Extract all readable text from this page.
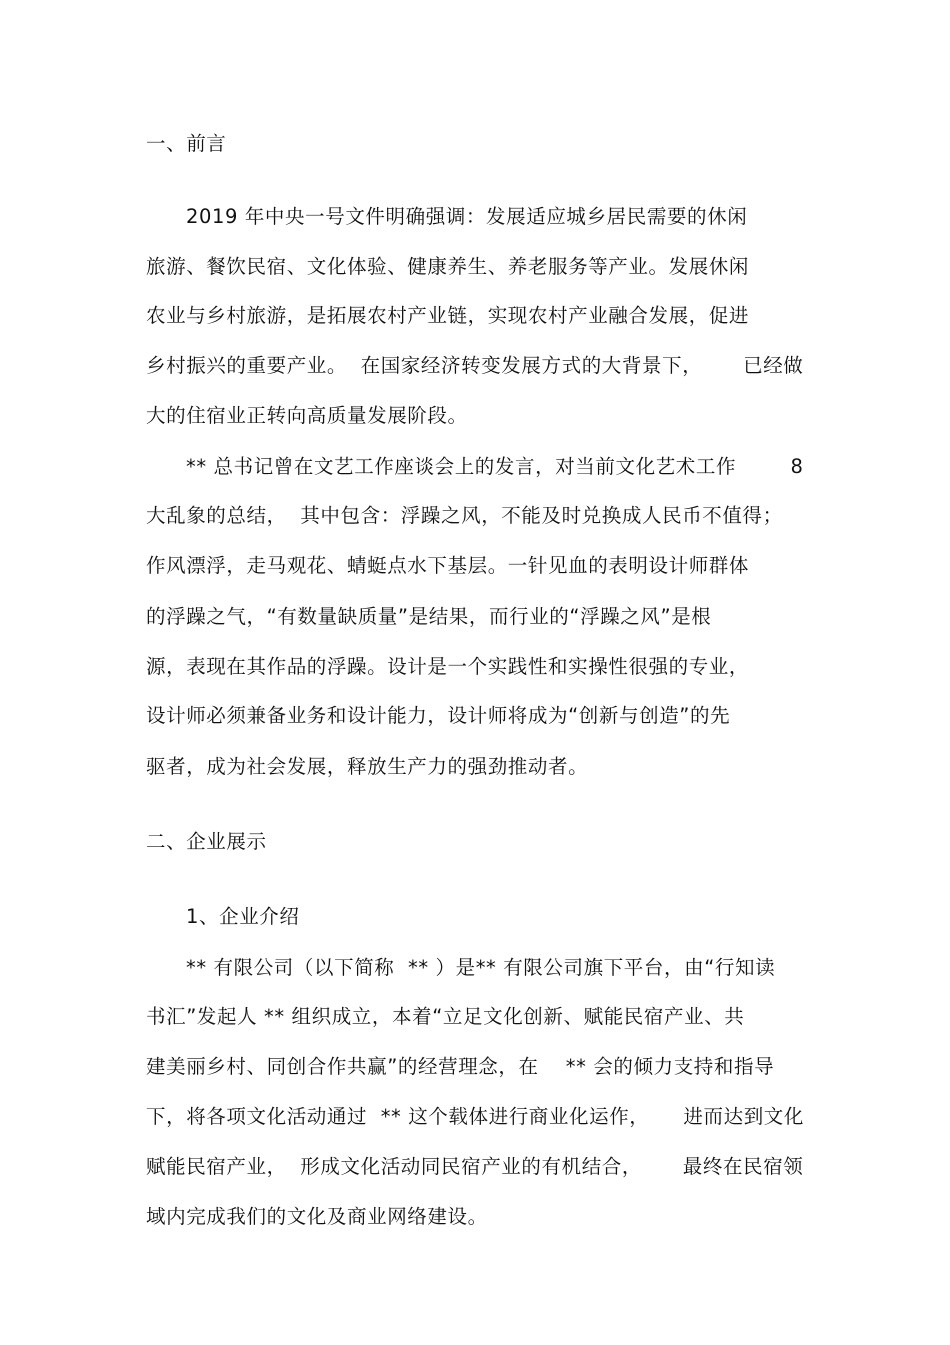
一、前言
2019 年中央一号文件明确强调：发展适应城乡居民需要的休闲
旅游、餐饮民宿、文化体验、健康养生、养老服务等产业。发展休闲
农业与乡村旅游，是拓展农村产业链，实现农村产业融合发展，促进
乡村振兴的重要产业。  在国家经济转变发展方式的大背景下，      已经做
大的住宿业正转向高质量发展阶段。
** 总书记曾在文艺工作座谈会上的发言，对当前文化艺术工作        8
大乱象的总结，  其中包含：浮躁之风，不能及时兑换成人民币不值得；
作风漂浮，走马观花、蜻蜓点水下基层。一针见血的表明设计师群体
的浮躁之气，“有数量缺质量”是结果，而行业的“浮躁之风”是根
源，表现在其作品的浮躁。设计是一个实践性和实操性很强的专业，
设计师必须兼备业务和设计能力，设计师将成为“创新与创造”的先
驱者，成为社会发展，释放生产力的强劲推动者。
二、企业展示
1、企业介绍
** 有限公司（以下简称  ** ）是** 有限公司旗下平台，由“行知读
书汇”发起人 ** 组织成立，本着“立足文化创新、赋能民宿产业、共
建美丽乡村、同创合作共赢”的经营理念，在    ** 会的倾力支持和指导
下，将各项文化活动通过  ** 这个载体进行商业化运作，     进而达到文化
赋能民宿产业，  形成文化活动同民宿产业的有机结合，      最终在民宿领
域内完成我们的文化及商业网络建设。
